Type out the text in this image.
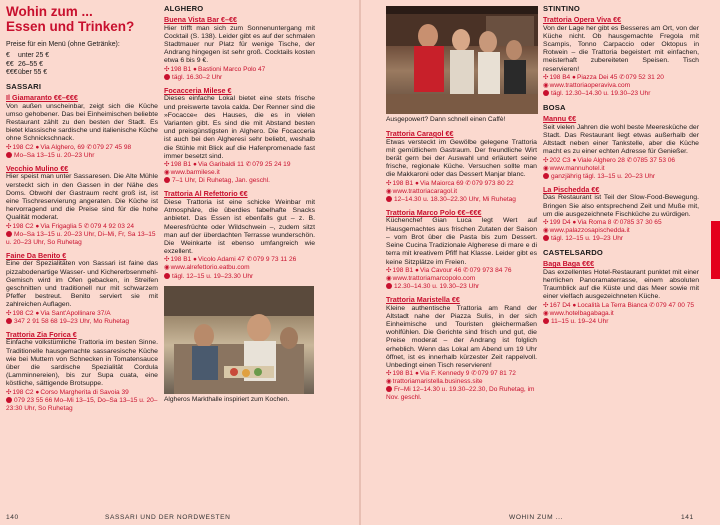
Wohin zum ...
Essen und Trinken?
Preise für ein Menü (ohne Getränke):
€	unter 25 €
€€ 26–55 €
€€€ über 55 €
SASSARI
Il Giamaranto €€–€€€
Von außen unscheinbar, zeigt sich die Küche umso gehobener. Das bei Einheimischen beliebte Restaurant zählt zu den besten der Stadt. Es bietet klassische sardische und italienische Küche ohne Schnickschnack.
✣198 C2 ●Via Alghero, 69 ✆079 27 45 98
Mo–Sa 13–15 u. 20–23 Uhr
Vecchio Mulino €€
Hier speist man unter Sassaresen. Die Alte Mühle versteckt sich in den Gassen in der Nähe des Doms. Obwohl der Gastraum recht groß ist, ist eine Tischreservierung angeraten. Die Küche ist hervorragend und die Preise sind für die hohe Qualität moderat.
✣198 C2 ●Via Frigaglia 5 ✆079 4 92 03 24
Mo–Sa 13–15 u. 20–23 Uhr, Di–Mi, Fr, Sa 13–15 u. 20–23 Uhr, So Ruhetag
Faine Da Benito €
Eine der Spezialitäten von Sassari ist faine das pizzabodenartige Wasser- und Kichererbsenmehl-Gemisch wird im Ofen gebacken, in Streifen geschnitten und traditionell nur mit schwarzem Pfeffer bestreut. Benito serviert sie mit zahlreichen Auflagen.
✣198 C2 ●Via Sant'Apollinare 37/A
347 2 91 58 68 19–23 Uhr, Mo Ruhetag
Trattoria Zia Forica €
Einfache volkstümliche Trattoria im besten Sinne. Traditionelle hausgemachte sassaresische Küche wie bei Muttern von Schnecken in Tomatensauce über die sardische Spezialität Cordula (Lamminnereien), bis zur Supa cuata, eine köstliche, sättigende Brotsuppe.
✣198 C2 ●Corso Margherita di Savoia 39
079 23 55 66 Mo–Mi 13–15, Do–Sa 13–15 u. 20–23:30 Uhr, So Ruhetag
ALGHERO
Buena Vista Bar €–€€
Hier trifft man sich zum Sonnenuntergang mit Cocktail (S. 138). Leider gibt es auf der schmalen Stadtmauer nur Platz für wenige Tische, der Andrang hingegen ist sehr groß. Cocktails kosten etwa 6 bis 9 €.
✣198 B1 ●Bastioni Marco Polo 47
tägl. 16.30–2 Uhr
Focacceria Milese €
Dieses einfache Lokal bietet eine stets frische und preiswerte tavola calda. Der Renner sind die »Focacce« des Hauses, die es in vielen Varianten gibt. Es sind die mit Abstand besten und preisgünstigsten in Alghero. Die Focacceria ist auch bei den Algheresi sehr beliebt, weshalb die Stühle mit Blick auf die Hafenpromenade fast immer besetzt sind.
✣198 B1 ●Via Garibaldi 11 ✆079 25 24 19
◉www.barmilese.it
7–1 Uhr, Di Ruhetag, Jan. geschl.
Trattoria Al Refettorio €€
Diese Trattoria ist eine schicke Weinbar mit Atmosphäre, die überdies fabelhafte Snacks anbietet. Das Essen ist ebenfalls gut – z. B. Meeresfrüchte oder Wildschwein –, zudem sitzt man auf der überdachten Terrasse wunderschön. Die Weinkarte ist ebenso umfangreich wie exzellent.
✣198 B1 ●Vicolo Adami 47 ✆079 9 73 11 26
◉www.alrefettorio.eatbu.com
tägl. 12–15 u. 19–23.30 Uhr
Algheros Markthalle inspiriert zum Kochen.
140	SASSARI UND DER NORDWESTEN	WOHIN ZUM ...	141
Ausgepowert? Dann schnell einen Caffè!
Trattoria Caragol €€
Etwas versteckt im Gewölbe gelegene Trattoria mit gemütlichem Gastraum. Der freundliche Wirt berät gern bei der Auswahl und erläutert seine frische, regionale Küche. Versuchen sollte man die Makkaroni oder das Dessert Manjar blanc.
✣198 B1 ●Via Maiorca 69 ✆079 973 80 22
◉www.trattoriacaragol.it
12–14.30 u. 18.30–22.30 Uhr, Mi Ruhetag
Trattoria Marco Polo €€–€€€
Küchenchef Gian Luca legt Wert auf Hausgemachtes aus frischen Zutaten der Saison – vom Brot über die Pasta bis zum Dessert. Seine Cucina Tradizionale Algherese di mare e di terra mit kreativem Pfiff hat Klasse. Leider gibt es keine Sitzplätze im Freien.
✣198 B1 ●Via Cavour 46 ✆079 973 84 76
◉www.trattoriamarcopolo.com
12.30–14.30 u. 19.30–23 Uhr
Trattoria Maristella €€
Kleine authentische Trattoria am Rand der Altstadt nahe der Piazza Sulis, in der sich Einheimische und Touristen gleichermaßen wohlfühlen. Die Gerichte sind frisch und gut, die Preise moderat – der Andrang ist folglich erheblich. Wenn das Lokal am Abend um 19 Uhr öffnet, ist es innerhalb kürzester Zeit rappelvoll. Unbedingt einen Tisch reservieren!
✣198 B1 ●Via F. Kennedy 9 ✆079 97 81 72
◉trattoriamaristella.business.site
Fr–Mi 12–14.30 u. 19.30–22.30, Do Ruhetag, im Nov. geschl.
STINTINO
Trattoria Opera Viva €€
Von der Lage her gibt es Besseres am Ort, von der Küche nicht. Ob hausgemachte Fregola mit Scampis, Tonno Carpaccio oder Oktopus in Rotwein – die Trattoria begeistert mit einfachen, meisterhaft zubereiteten Speisen. Tisch reservieren!
✣198 B4 ●Piazza Dei 45 ✆079 52 31 20
◉www.trattoriaoperaviva.com
tägl. 12.30–14.30 u. 19.30–23 Uhr
BOSA
Mannu €€
Seit vielen Jahren die wohl beste Meeresküche der Stadt. Das Restaurant liegt etwas außerhalb der Altstadt neben einer Tankstelle, aber die Küche macht es zu einer echten Adresse für Genießer.
✣202 C3 ●Viale Alghero 28 ✆0785 37 53 06
◉www.mannuhotel.it
ganzjährig tägl. 13–15 u. 20–23 Uhr
La Pischedda €€
Das Restaurant ist Teil der Slow-Food-Bewegung. Bringen Sie also entsprechend Zeit und Muße mit, um die ausgezeichnete Fischküche zu würdigen.
✣199 D4 ●Via Roma 8 ✆0785 37 30 65
◉www.palazzosapischedda.it
tägl. 12–15 u. 19–23 Uhr
CASTELSARDO
Baga Baga €€€
Das exzellentes Hotel-Restaurant punktet mit einer herrlichen Panoramaterrasse, einem absoluten Traumblick auf die Küste und das Meer sowie mit einer vielfach ausgezeichneten Küche.
✣167 D4 ●Località La Terra Bianca ✆079 47 00 75
◉www.hotelbagabaga.it
11–15 u. 19–24 Uhr
